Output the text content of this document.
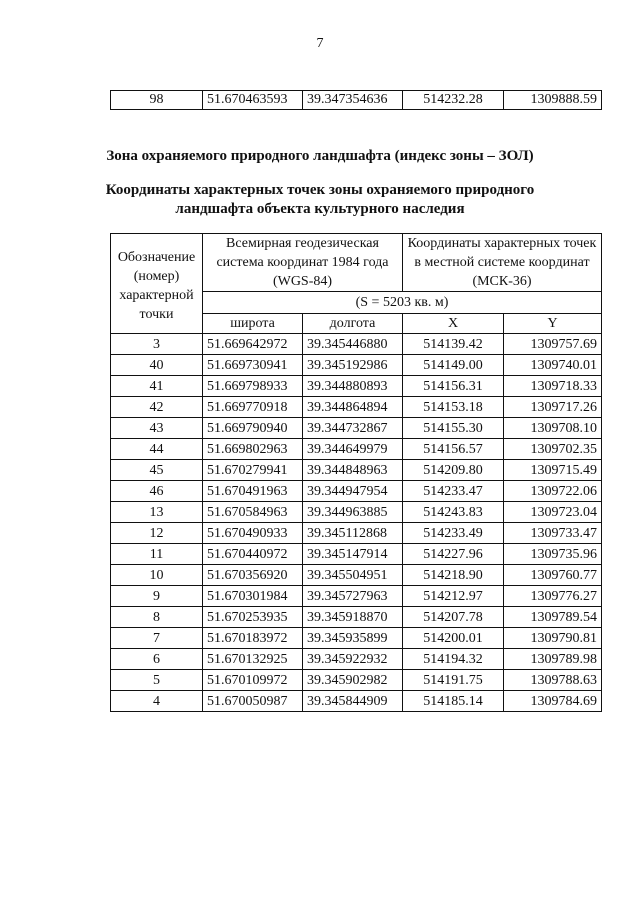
7
98	51.670463593	39.347354636	514232.28	1309888.59
Зона охраняемого природного ландшафта (индекс зоны – ЗОЛ)
Координаты характерных точек зоны охраняемого природного
ландшафта объекта культурного наследия
Обозначение (номер) характерной точки	Всемирная геодезическая система координат 1984 года (WGS-84)		Координаты характерных точек в местной системе координат (МСК-36)	
	(S = 5203 кв. м)			
	широта	долгота	X	Y
3	51.669642972	39.345446880	514139.42	1309757.69
40	51.669730941	39.345192986	514149.00	1309740.01
41	51.669798933	39.344880893	514156.31	1309718.33
42	51.669770918	39.344864894	514153.18	1309717.26
43	51.669790940	39.344732867	514155.30	1309708.10
44	51.669802963	39.344649979	514156.57	1309702.35
45	51.670279941	39.344848963	514209.80	1309715.49
46	51.670491963	39.344947954	514233.47	1309722.06
13	51.670584963	39.344963885	514243.83	1309723.04
12	51.670490933	39.345112868	514233.49	1309733.47
11	51.670440972	39.345147914	514227.96	1309735.96
10	51.670356920	39.345504951	514218.90	1309760.77
9	51.670301984	39.345727963	514212.97	1309776.27
8	51.670253935	39.345918870	514207.78	1309789.54
7	51.670183972	39.345935899	514200.01	1309790.81
6	51.670132925	39.345922932	514194.32	1309789.98
5	51.670109972	39.345902982	514191.75	1309788.63
4	51.670050987	39.345844909	514185.14	1309784.69
